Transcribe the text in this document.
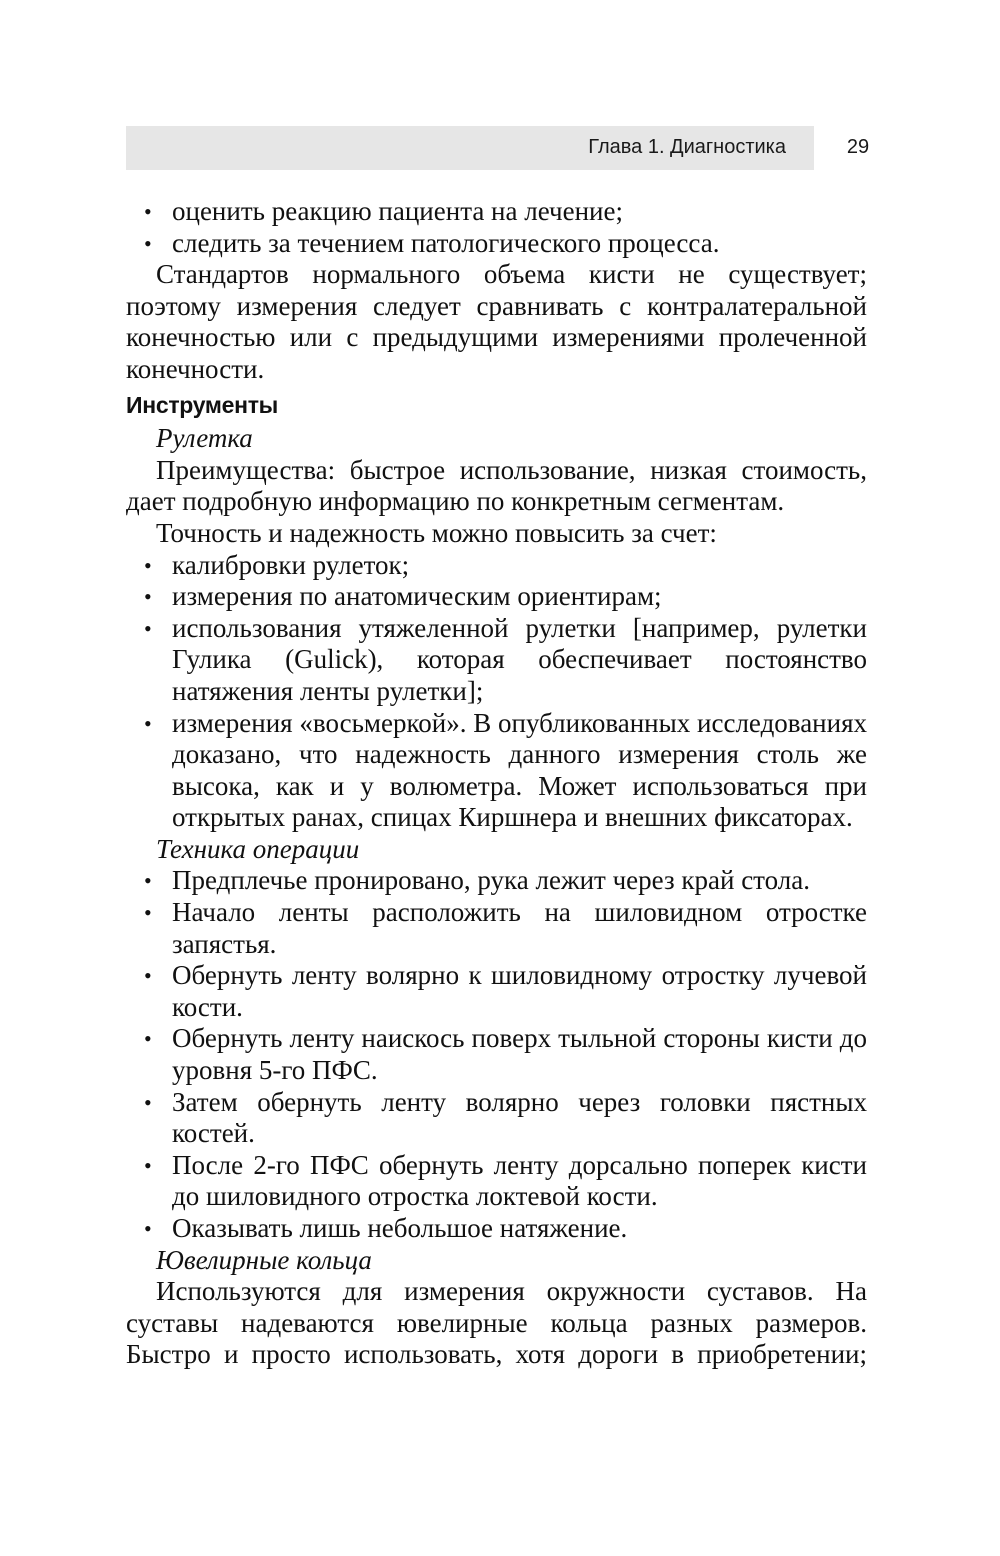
Глава 1. Диагностика	29
• оценить реакцию пациента на лечение;
• следить за течением патологического процесса.

Стандартов нормального объема кисти не существует; поэтому измерения следует сравнивать с контралатеральной конечностью или с предыдущими измерениями пролеченной конечности.

Инструменты
Рулетка

Преимущества: быстрое использование, низкая стоимость, дает подробную информацию по конкретным сегментам.

Точность и надежность можно повысить за счет:

• калибровки рулеток;
• измерения по анатомическим ориентирам;
• использования утяжеленной рулетки [например, рулетки Гулика (Gulick), которая обеспечивает постоянство натяжения ленты рулетки];
• измерения «восьмеркой». В опубликованных исследованиях доказано, что надежность данного измерения столь же высока, как и у волюметра. Может использоваться при открытых ранах, спицах Киршнера и внешних фиксаторах.
Техника операции
• Предплечье пронировано, рука лежит через край стола.
• Начало ленты расположить на шиловидном отростке запястья.
• Обернуть ленту волярно к шиловидному отростку лучевой кости.
• Обернуть ленту наискось поверх тыльной стороны кисти до уровня 5-го ПФС.
• Затем обернуть ленту волярно через головки пястных костей.
• После 2-го ПФС обернуть ленту дорсально поперек кисти до шиловидного отростка локтевой кости.
• Оказывать лишь небольшое натяжение.
Ювелирные кольца

Используются для измерения окружности суставов. На суставы надеваются ювелирные кольца разных размеров. Быстро и просто использовать, хотя дороги в приобретении;
